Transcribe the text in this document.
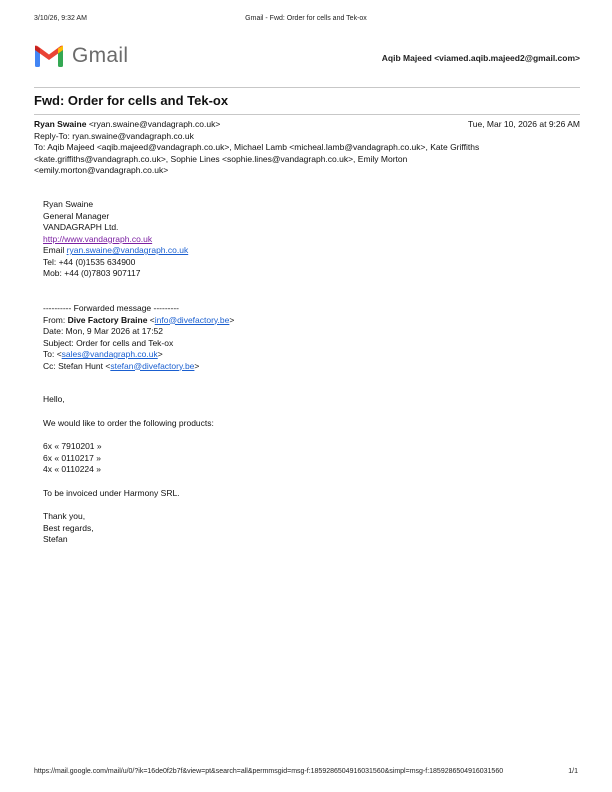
3/10/26, 9:32 AM	Gmail - Fwd: Order for cells and Tek-ox
Gmail	Aqib Majeed <viamed.aqib.majeed2@gmail.com>
Fwd: Order for cells and Tek-ox
Ryan Swaine <ryan.swaine@vandagraph.co.uk>	Tue, Mar 10, 2026 at 9:26 AM
Reply-To: ryan.swaine@vandagraph.co.uk
To: Aqib Majeed <aqib.majeed@vandagraph.co.uk>, Michael Lamb <micheal.lamb@vandagraph.co.uk>, Kate Griffiths
<kate.griffiths@vandagraph.co.uk>, Sophie Lines <sophie.lines@vandagraph.co.uk>, Emily Morton
<emily.morton@vandagraph.co.uk>
Ryan Swaine
General Manager
VANDAGRAPH Ltd.
http://www.vandagraph.co.uk
Email ryan.swaine@vandagraph.co.uk
Tel: +44 (0)1535 634900
Mob: +44 (0)7803 907117
---------- Forwarded message ---------
From: Dive Factory Braine <info@divefactory.be>
Date: Mon, 9 Mar 2026 at 17:52
Subject: Order for cells and Tek-ox
To: <sales@vandagraph.co.uk>
Cc: Stefan Hunt <stefan@divefactory.be>
Hello,
We would like to order the following products:
6x « 7910201 »
6x « 0110217 »
4x « 0110224 »
To be invoiced under Harmony SRL.
Thank you,
Best regards,
Stefan
https://mail.google.com/mail/u/0/?ik=16de0f2b7f&view=pt&search=all&permmsgid=msg-f:1859286504916031560&simpl=msg-f:1859286504916031560	1/1
